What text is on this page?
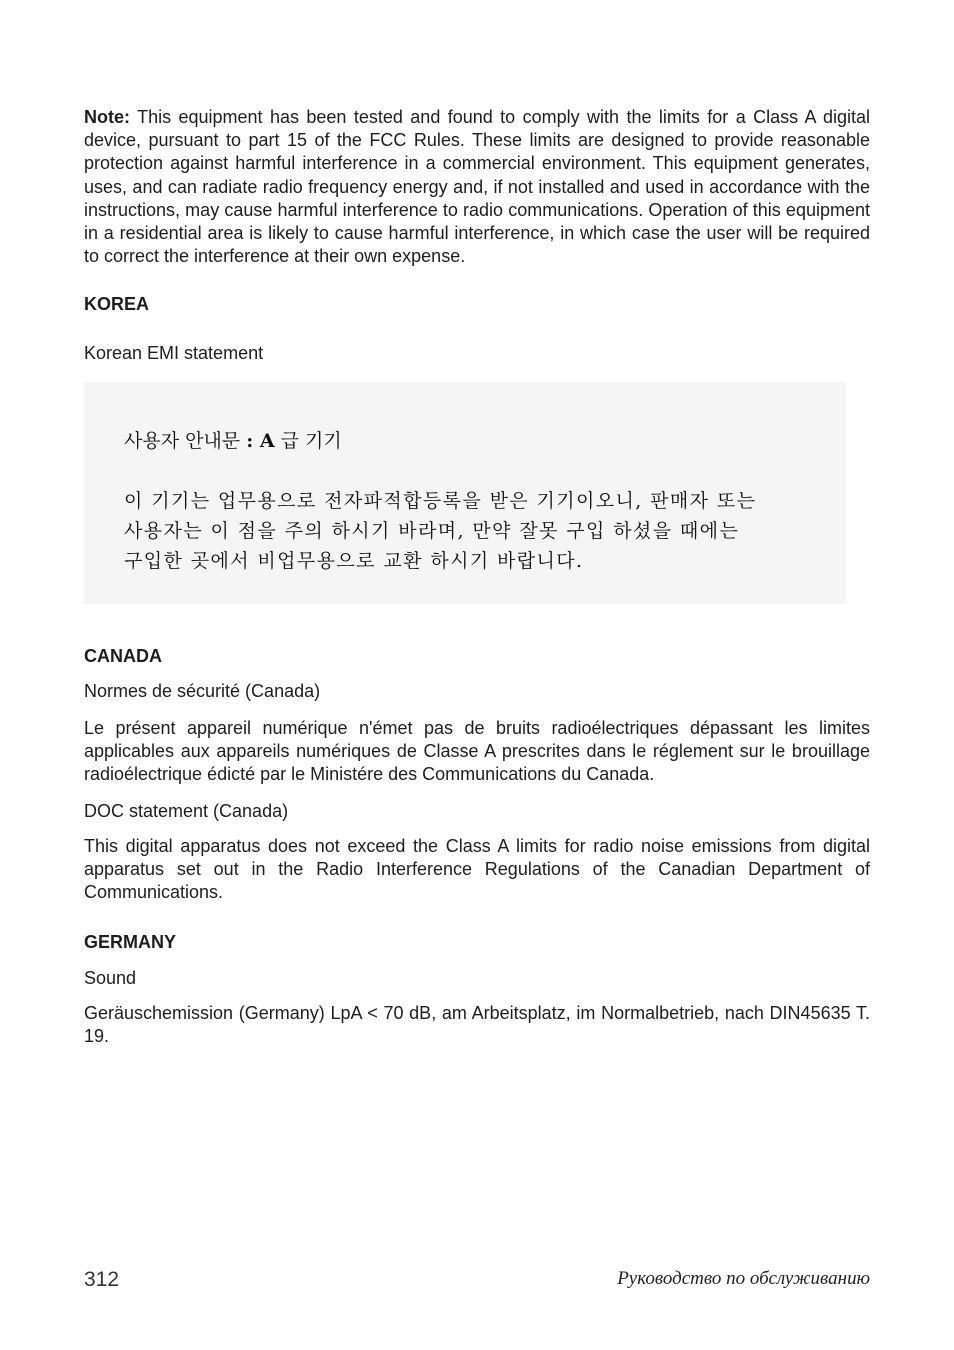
Note: This equipment has been tested and found to comply with the limits for a Class A digital device, pursuant to part 15 of the FCC Rules. These limits are designed to provide reasonable protection against harmful interference in a commercial environment. This equipment generates, uses, and can radiate radio frequency energy and, if not installed and used in accordance with the instructions, may cause harmful interference to radio communications. Operation of this equipment in a residential area is likely to cause harmful interference, in which case the user will be required to correct the interference at their own expense.

KOREA

Korean EMI statement

사용자 안내문 : A 급 기기
이 기기는 업무용으로 전자파적합등록을 받은 기기이오니, 판매자 또는
사용자는 이 점을 주의 하시기 바라며, 만약 잘못 구입 하셨을 때에는
구입한 곳에서 비업무용으로 교환 하시기 바랍니다.
CANADA

Normes de sécurité (Canada)

Le présent appareil numérique n'émet pas de bruits radioélectriques dépassant les limites applicables aux appareils numériques de Classe A prescrites dans le réglement sur le brouillage radioélectrique édicté par le Ministére des Communications du Canada.

DOC statement (Canada)

This digital apparatus does not exceed the Class A limits for radio noise emissions from digital apparatus set out in the Radio Interference Regulations of the Canadian Department of Communications.

GERMANY

Sound

Geräuschemission (Germany) LpA < 70 dB, am Arbeitsplatz, im Normalbetrieb, nach DIN45635 T. 19.

312	Руководство по обслуживанию
